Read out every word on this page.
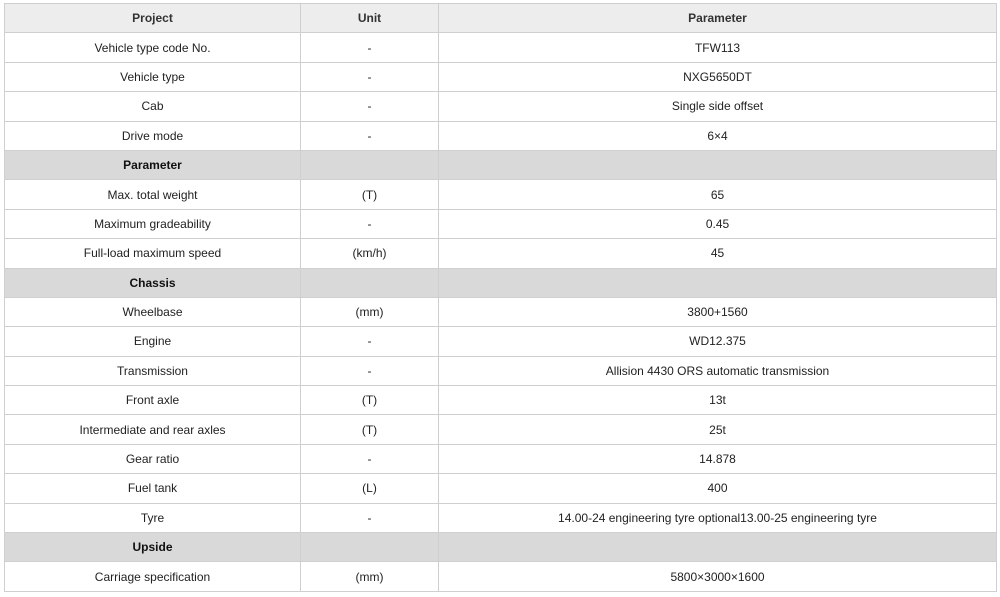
Project	Unit	Parameter
Vehicle type code No.	-	TFW113
Vehicle type	-	NXG5650DT
Cab	-	Single side offset
Drive mode	-	6×4
Parameter		
Max. total weight	(T)	65
Maximum gradeability	-	0.45
Full-load maximum speed	(km/h)	45
Chassis		
Wheelbase	(mm)	3800+1560
Engine	-	WD12.375
Transmission	-	Allision 4430 ORS automatic transmission
Front axle	(T)	13t
Intermediate and rear axles	(T)	25t
Gear ratio	-	14.878
Fuel tank	(L)	400
Tyre	-	14.00-24 engineering tyre optional13.00-25 engineering tyre
Upside		
Carriage specification	(mm)	5800×3000×1600
